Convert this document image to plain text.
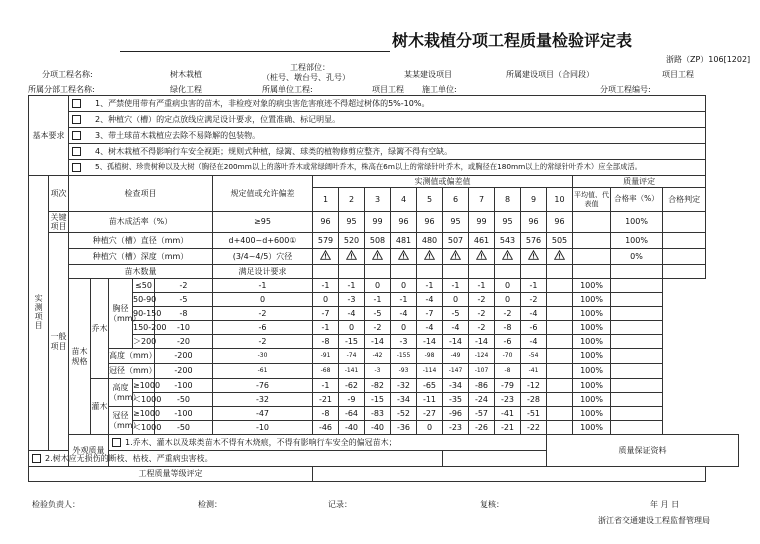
树木栽植分项工程质量检验评定表
浙路（ZP）106[1202]
分项工程名称:	树木栽植
工程部位：
（桩号、墩台号、孔号）	某某建设项目	所属建设项目（合同段）	项目工程
所属分部工程名称:	绿化工程	所属单位工程:	项目工程 施工单位:	分项工程编号:
基本要求		1、严禁使用带有严重病虫害的苗木，非检疫对象的病虫害危害痕迹不得超过树体的5%-10%。																		

		2、种植穴（槽）的定点放线应满足设计要求，位置准确、标记明显。																		

		3、带土球苗木栽植应去除不易降解的包装物。																		

		4、树木栽植不得影响行车安全视距；规则式种植，绿篱、球类的植物修剪应整齐，绿篱不得有空缺。																		

		5、孤植树、珍贵树种以及大树（胸径在200mm以上的落叶乔木或常绿阔叶乔木，株高在6m以上的常绿针叶乔木，或胸径在180mm以上的常绿针叶乔木）应全部成活。																		

实测项目	项次	检查项目					规定值或允许偏差	实测值或偏差值										质量评定		
								1	2	3	4	5	6	7	8	9	10	平均值、代表值	合格率（%）	合格判定
	关键项目	苗木成活率（%）					≥95	96	95	99	96	96	95	99	95	96	96		100%	
	一般项目	种植穴（槽）直径（mm）					d+400~d+600①	579	520	508	481	480	507	461	543	576	505		100%	
		种植穴（槽）深度（mm）					(3/4~4/5）穴径												0%	
		苗木数量					满足设计要求													
		苗木规格	乔木	胸径（mm）	≤50	-2	-1	-1	-1	0	0	-1	-1	-1	0	-1		100%		
					50-90	-5	0	0	-3	-1	-1	-4	0	-2	0	-2		100%		
					90-150	-8	-2	-7	-4	-5	-4	-7	-5	-2	-2	-4		100%		
					150-200	-10	-6	-1	0	-2	0	-4	-4	-2	-8	-6		100%		
					＞200	-20	-2	-8	-15	-14	-3	-14	-14	-14	-6	-4		100%		
				高度（mm）		-200	-30	-91	-74	-42	-155	-98	-49	-124	-70	-54		100%		
				冠径（mm）		-200	-61	-68	-141	-3	-93	-114	-147	-107	-8	-41		100%		
			灌木	高度（mm）	≥1000	-100	-76	-1	-62	-82	-32	-65	-34	-86	-79	-12		100%		
					＜1000	-50	-32	-21	-9	-15	-34	-11	-35	-24	-23	-28		100%		
				冠径（mm）	≥1000	-100	-47	-8	-64	-83	-52	-27	-96	-57	-41	-51		100%		
					＜1000	-50	-10	-46	-40	-40	-36	0	-23	-26	-21	-22		100%		
		外观质量		1.乔木、灌木以及球类苗木不得有木烧痕，不得有影响行车安全的偏冠苗木；													质量保证资料			

2.树木应无损伤的断枝、枯枝、严重病虫害枝。																				

工程质量等级评定																				
检验负责人：	检测：	记录：	复核：	年 月 日
浙江省交通建设工程监督管理局
